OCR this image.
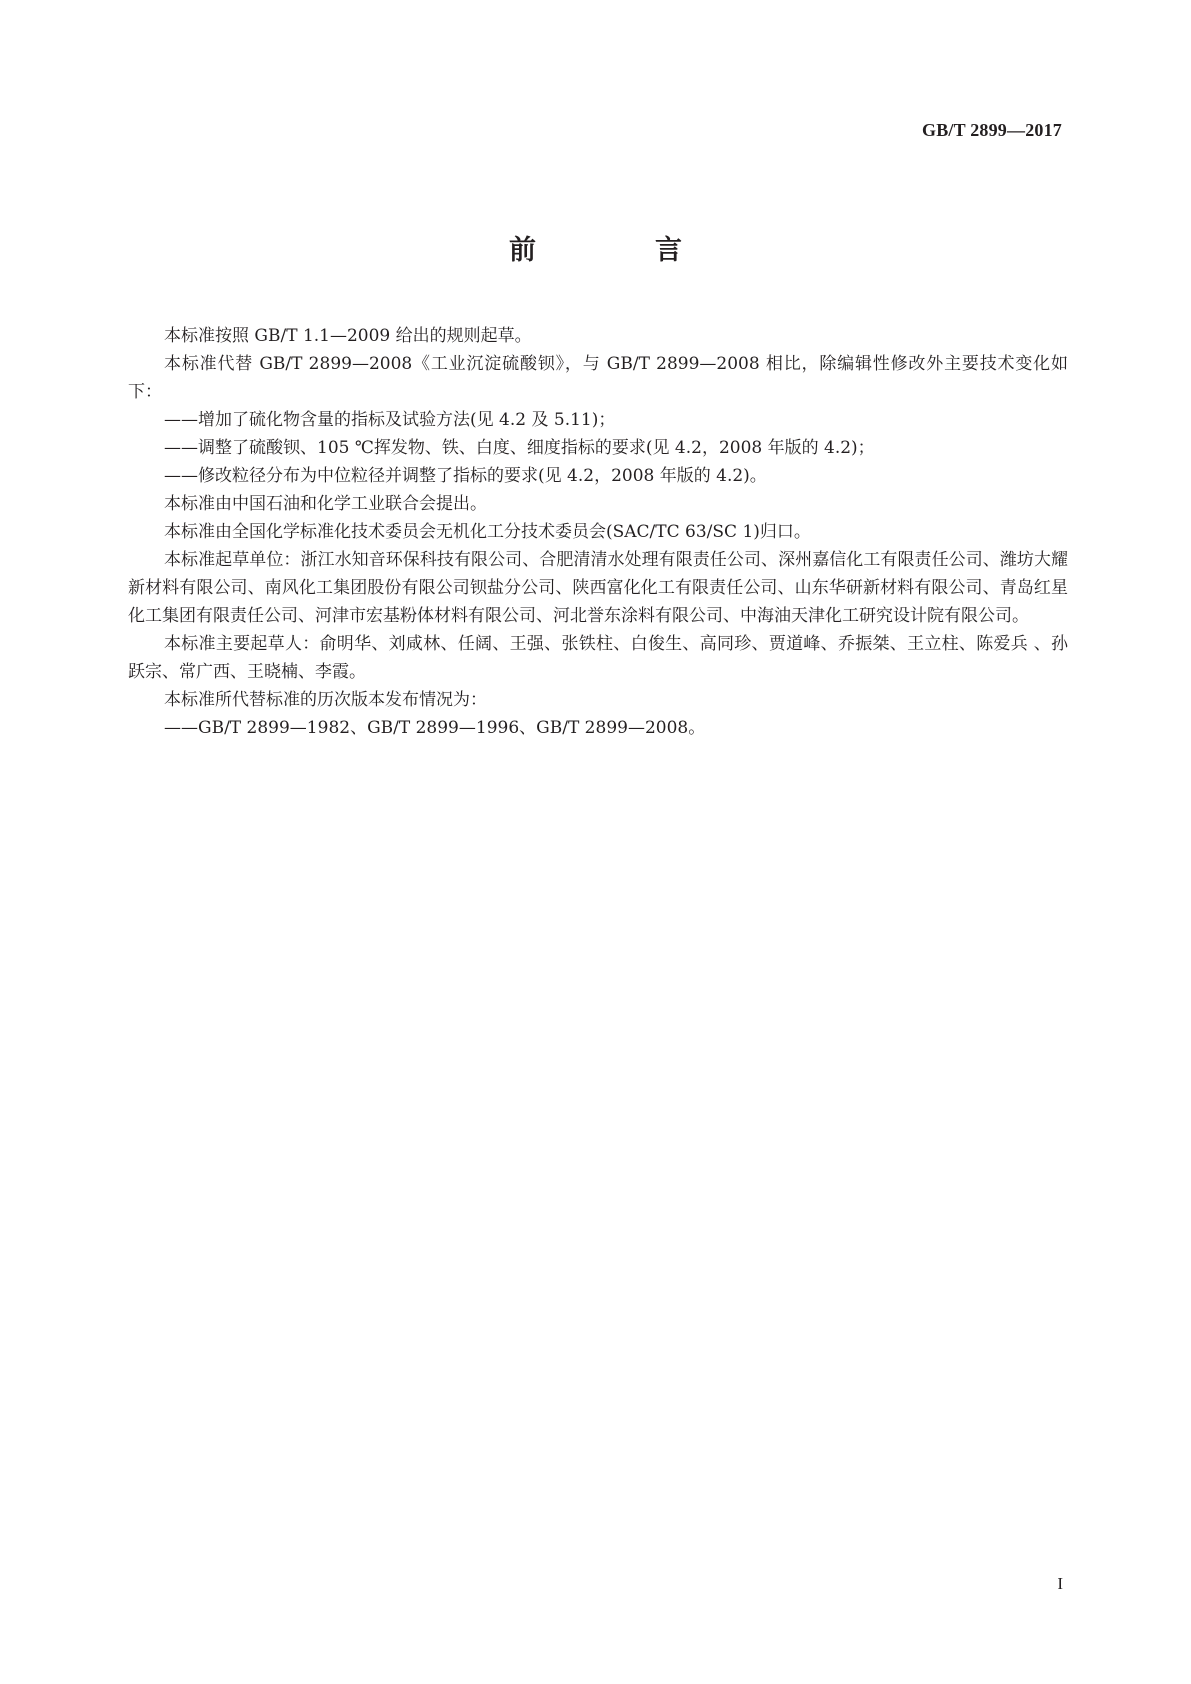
GB/T 2899—2017
前　言

本标准按照 GB/T 1.1—2009 给出的规则起草。

本标准代替 GB/T 2899—2008《工业沉淀硫酸钡》，与 GB/T 2899—2008 相比，除编辑性修改外主要技术变化如下：

——增加了硫化物含量的指标及试验方法(见 4.2 及 5.11)；

——调整了硫酸钡、105 ℃挥发物、铁、白度、细度指标的要求(见 4.2，2008 年版的 4.2)；

——修改粒径分布为中位粒径并调整了指标的要求(见 4.2，2008 年版的 4.2)。

本标准由中国石油和化学工业联合会提出。

本标准由全国化学标准化技术委员会无机化工分技术委员会(SAC/TC 63/SC 1)归口。

本标准起草单位：浙江水知音环保科技有限公司、合肥清清水处理有限责任公司、深州嘉信化工有限责任公司、潍坊大耀新材料有限公司、南风化工集团股份有限公司钡盐分公司、陕西富化化工有限责任公司、山东华研新材料有限公司、青岛红星化工集团有限责任公司、河津市宏基粉体材料有限公司、河北誉东涂料有限公司、中海油天津化工研究设计院有限公司。

本标准主要起草人：俞明华、刘咸林、任阔、王强、张铁柱、白俊生、高同珍、贾道峰、乔振桀、王立柱、陈爱兵 、孙跃宗、常广西、王晓楠、李霞。

本标准所代替标准的历次版本发布情况为：

——GB/T 2899—1982、GB/T 2899—1996、GB/T 2899—2008。

I
